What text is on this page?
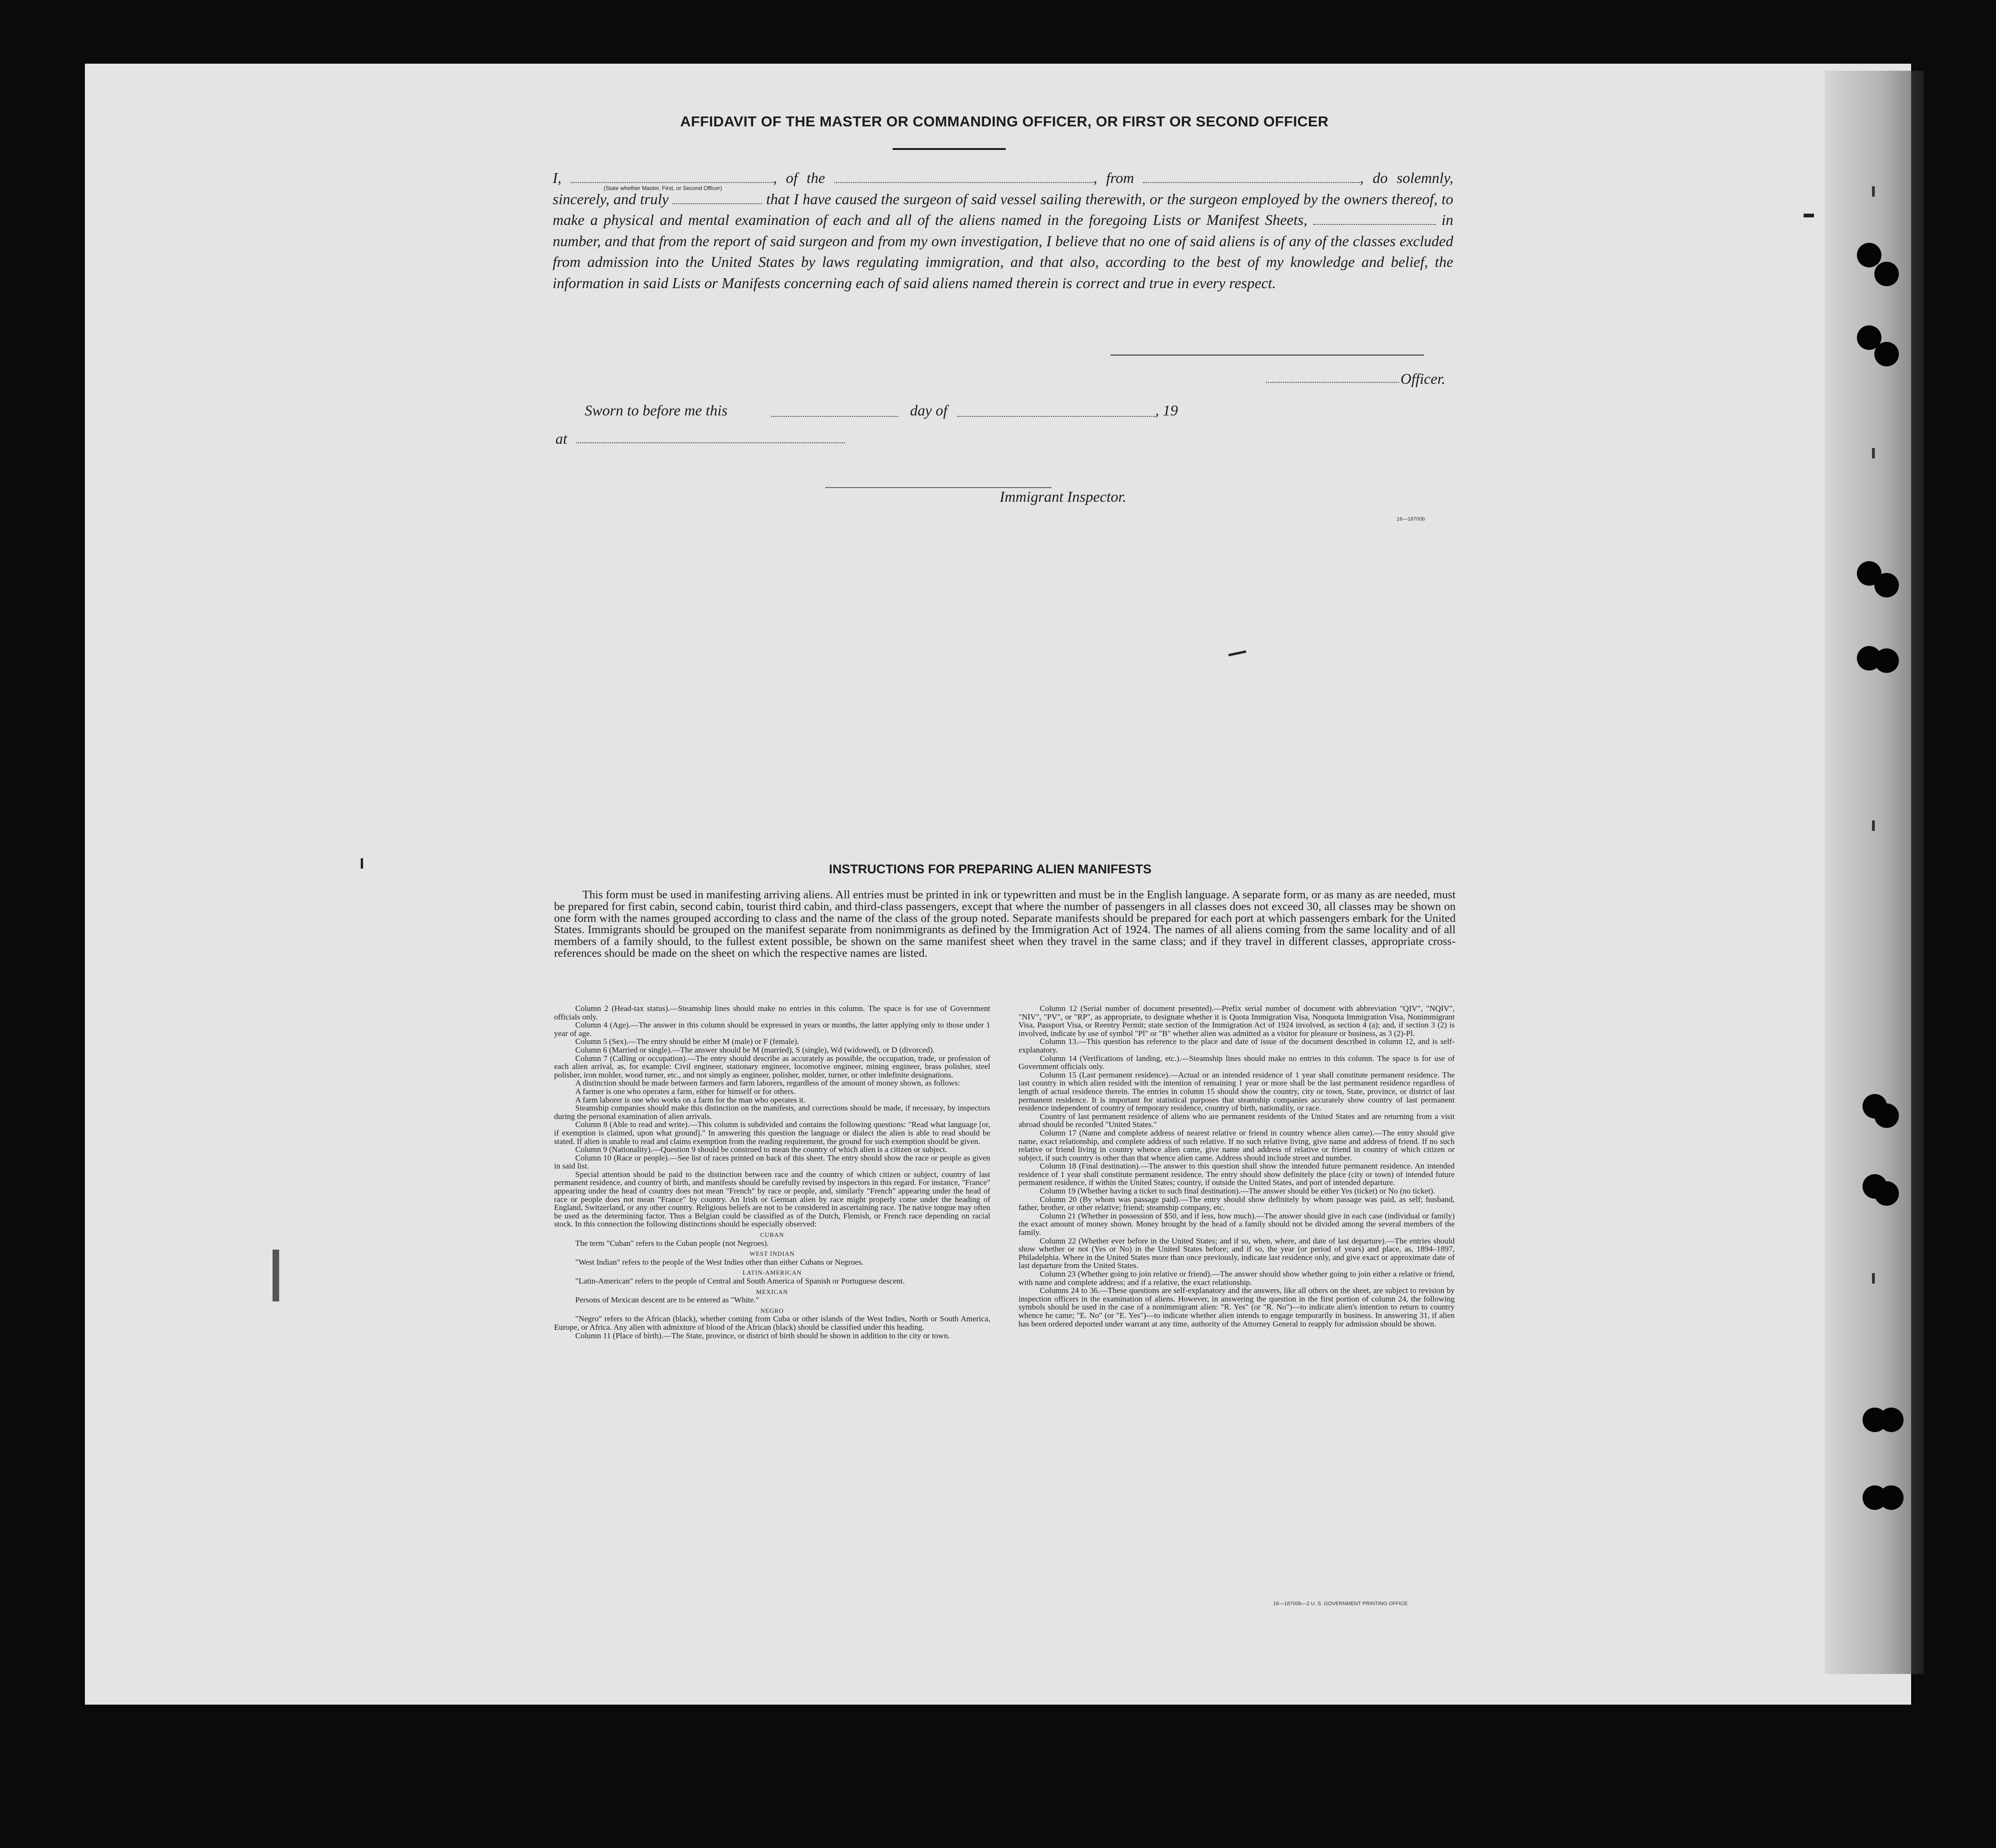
AFFIDAVIT OF THE MASTER OR COMMANDING OFFICER, OR FIRST OR SECOND OFFICER
(State whether Master, First, or Second Officer)

I,	, of the	, from	, do solemnly, sincerely, and truly	that I have caused the surgeon of said vessel sailing therewith, or the surgeon employed by the owners thereof, to make a physical and mental examination of each and all of the aliens named in the foregoing Lists or Manifest Sheets,	in number, and that from the report of said surgeon and from my own investigation, I believe that no one of said aliens is of any of the classes excluded from admission into the United States by laws regulating immigration, and that also, according to the best of my knowledge and belief, the information in said Lists or Manifests concerning each of said aliens named therein is correct and true in every respect.

Officer.
Sworn to before me this	day of	, 19
at
Immigrant Inspector.
16—18700b
INSTRUCTIONS FOR PREPARING ALIEN MANIFESTS
This form must be used in manifesting arriving aliens. All entries must be printed in ink or typewritten and must be in the English language. A separate form, or as many as are needed, must be prepared for first cabin, second cabin, tourist third cabin, and third-class passengers, except that where the number of passengers in all classes does not exceed 30, all classes may be shown on one form with the names grouped according to class and the name of the class of the group noted. Separate manifests should be prepared for each port at which passengers embark for the United States. Immigrants should be grouped on the manifest separate from nonimmigrants as defined by the Immigration Act of 1924. The names of all aliens coming from the same locality and of all members of a family should, to the fullest extent possible, be shown on the same manifest sheet when they travel in the same class; and if they travel in different classes, appropriate cross-references should be made on the sheet on which the respective names are listed.

Column 2 (Head-tax status).—Steamship lines should make no entries in this column. The space is for use of Government officials only.

Column 4 (Age).—The answer in this column should be expressed in years or months, the latter applying only to those under 1 year of age.

Column 5 (Sex).—The entry should be either M (male) or F (female).

Column 6 (Married or single).—The answer should be M (married), S (single), Wd (widowed), or D (divorced).

Column 7 (Calling or occupation).—The entry should describe as accurately as possible, the occupation, trade, or profession of each alien arrival, as, for example: Civil engineer, stationary engineer, locomotive engineer, mining engineer, brass polisher, steel polisher, iron molder, wood turner, etc., and not simply as engineer, polisher, molder, turner, or other indefinite designations.

A distinction should be made between farmers and farm laborers, regardless of the amount of money shown, as follows:

A farmer is one who operates a farm, either for himself or for others.

A farm laborer is one who works on a farm for the man who operates it.

Steamship companies should make this distinction on the manifests, and corrections should be made, if necessary, by inspectors during the personal examination of alien arrivals.

Column 8 (Able to read and write).—This column is subdivided and contains the following questions: "Read what language [or, if exemption is claimed, upon what ground]." In answering this question the language or dialect the alien is able to read should be stated. If alien is unable to read and claims exemption from the reading requirement, the ground for such exemption should be given.

Column 9 (Nationality).—Question 9 should be construed to mean the country of which alien is a citizen or subject.

Column 10 (Race or people).—See list of races printed on back of this sheet. The entry should show the race or people as given in said list.

Special attention should be paid to the distinction between race and the country of which citizen or subject, country of last permanent residence, and country of birth, and manifests should be carefully revised by inspectors in this regard. For instance, "France" appearing under the head of country does not mean "French" by race or people, and, similarly "French" appearing under the head of race or people does not mean "France" by country. An Irish or German alien by race might properly come under the heading of England, Switzerland, or any other country. Religious beliefs are not to be considered in ascertaining race. The native tongue may often be used as the determining factor. Thus a Belgian could be classified as of the Dutch, Flemish, or French race depending on racial stock. In this connection the following distinctions should be especially observed:

CUBAN

The term "Cuban" refers to the Cuban people (not Negroes).

WEST INDIAN

"West Indian" refers to the people of the West Indies other than either Cubans or Negroes.

LATIN-AMERICAN

"Latin-American" refers to the people of Central and South America of Spanish or Portuguese descent.

MEXICAN

Persons of Mexican descent are to be entered as "White."

NEGRO

"Negro" refers to the African (black), whether coming from Cuba or other islands of the West Indies, North or South America, Europe, or Africa. Any alien with admixture of blood of the African (black) should be classified under this heading.

Column 11 (Place of birth).—The State, province, or district of birth should be shown in addition to the city or town.

Column 12 (Serial number of document presented).—Prefix serial number of document with abbreviation "QIV", "NQIV", "NIV", "PV", or "RP", as appropriate, to designate whether it is Quota Immigration Visa, Nonquota Immigration Visa, Nonimmigrant Visa, Passport Visa, or Reentry Permit; state section of the Immigration Act of 1924 involved, as section 4 (a); and, if section 3 (2) is involved, indicate by use of symbol "Pl" or "B" whether alien was admitted as a visitor for pleasure or business, as 3 (2)-Pl.

Column 13.—This question has reference to the place and date of issue of the document described in column 12, and is self-explanatory.

Column 14 (Verifications of landing, etc.).—Steamship lines should make no entries in this column. The space is for use of Government officials only.

Column 15 (Last permanent residence).—Actual or an intended residence of 1 year shall constitute permanent residence. The last country in which alien resided with the intention of remaining 1 year or more shall be the last permanent residence regardless of length of actual residence therein. The entries in column 15 should show the country, city or town, State, province, or district of last permanent residence. It is important for statistical purposes that steamship companies accurately show country of last permanent residence independent of country of temporary residence, country of birth, nationality, or race.

Country of last permanent residence of aliens who are permanent residents of the United States and are returning from a visit abroad should be recorded "United States."

Column 17 (Name and complete address of nearest relative or friend in country whence alien came).—The entry should give name, exact relationship, and complete address of such relative. If no such relative living, give name and address of friend. If no such relative or friend living in country whence alien came, give name and address of relative or friend in country of which citizen or subject, if such country is other than that whence alien came. Address should include street and number.

Column 18 (Final destination).—The answer to this question shall show the intended future permanent residence. An intended residence of 1 year shall constitute permanent residence. The entry should show definitely the place (city or town) of intended future permanent residence, if within the United States; country, if outside the United States, and port of intended departure.

Column 19 (Whether having a ticket to such final destination).—The answer should be either Yes (ticket) or No (no ticket).

Column 20 (By whom was passage paid).—The entry should show definitely by whom passage was paid, as self; husband, father, brother, or other relative; friend; steamship company, etc.

Column 21 (Whether in possession of $50, and if less, how much).—The answer should give in each case (individual or family) the exact amount of money shown. Money brought by the head of a family should not be divided among the several members of the family.

Column 22 (Whether ever before in the United States; and if so, when, where, and date of last departure).—The entries should show whether or not (Yes or No) in the United States before; and if so, the year (or period of years) and place, as, 1894–1897, Philadelphia. Where in the United States more than once previously, indicate last residence only, and give exact or approximate date of last departure from the United States.

Column 23 (Whether going to join relative or friend).—The answer should show whether going to join either a relative or friend, with name and complete address; and if a relative, the exact relationship.

Columns 24 to 36.—These questions are self-explanatory and the answers, like all others on the sheet, are subject to revision by inspection officers in the examination of aliens. However, in answering the question in the first portion of column 24, the following symbols should be used in the case of a nonimmigrant alien: "R. Yes" (or "R. No")—to indicate alien's intention to return to country whence he came; "E. No" (or "E. Yes")—to indicate whether alien intends to engage temporarily in business. In answering 31, if alien has been ordered deported under warrant at any time, authority of the Attorney General to reapply for admission should be shown.

16—18700b—2 U. S. GOVERNMENT PRINTING OFFICE
